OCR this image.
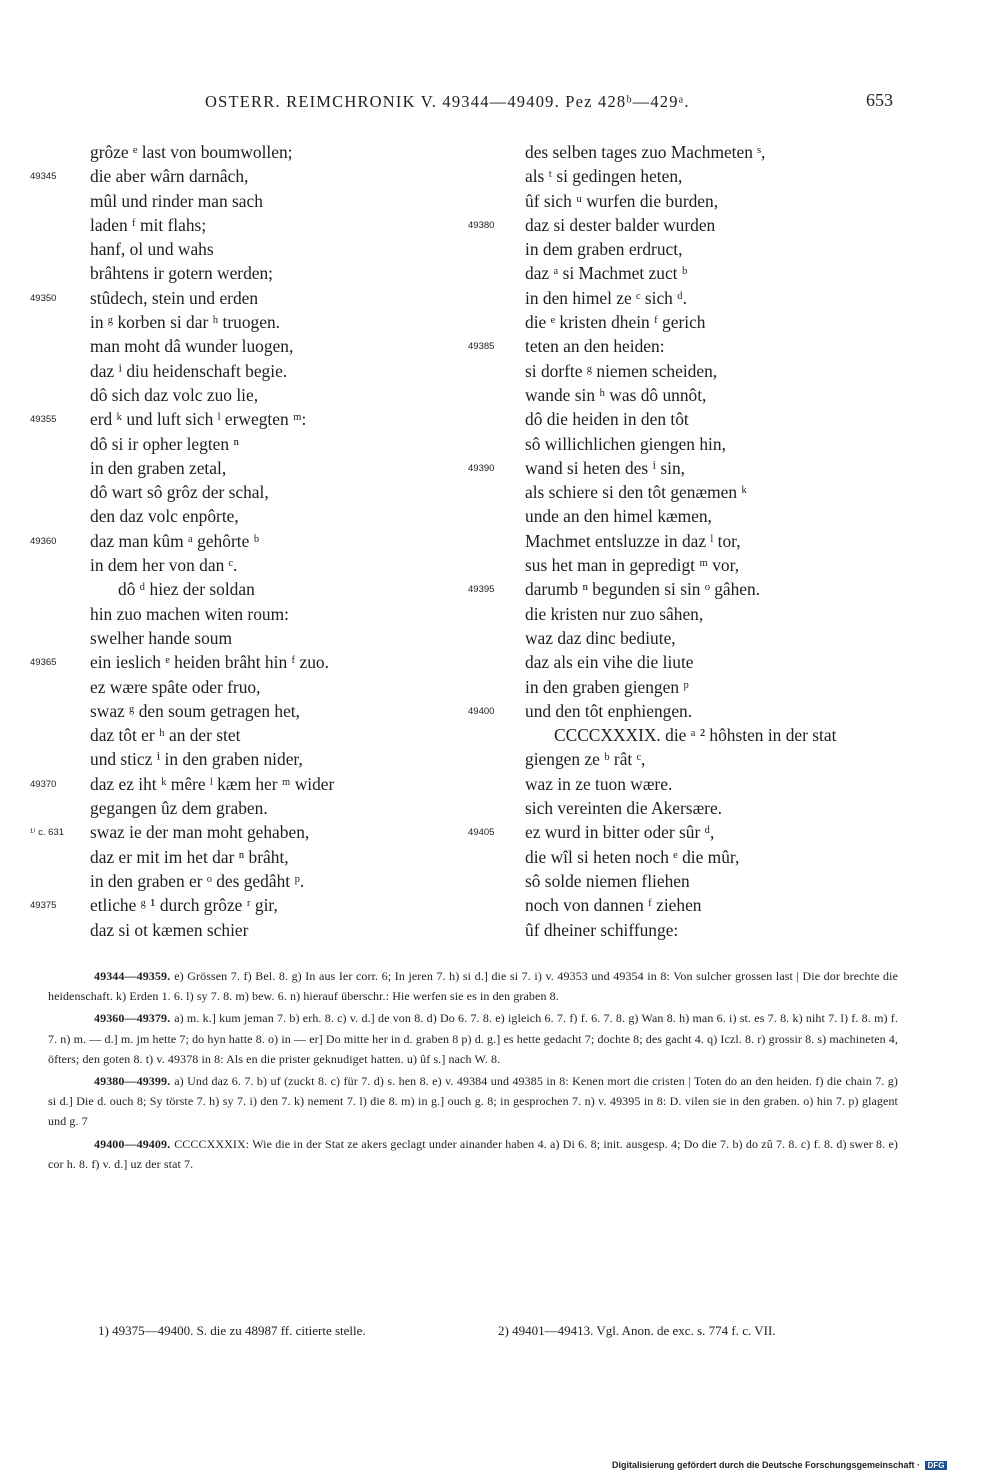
OSTERR. REIMCHRONIK V. 49344—49409. Pez 428ᵇ—429ᵃ.	653
grôze ᵉ last von boumwollen;
49345	die aber wârn darnâch,
mûl und rinder man sach
laden ᶠ mit flahs;
hanf, ol und wahs
brâhtens ir gotern werden;
49350	stûdech, stein und erden
in ᵍ korben si dar ʰ truogen.
man moht dâ wunder luogen,
daz ⁱ diu heidenschaft begie.
dô sich daz volc zuo lie,
49355	erd ᵏ und luft sich ˡ erwegten ᵐ:
dô si ir opher legten ⁿ
in den graben zetal,
dô wart sô grôz der schal,
den daz volc enpôrte,
49360	daz man kûm ᵃ gehôrte ᵇ
in dem her von dan ᶜ.
dô ᵈ hiez der soldan
hin zuo machen witen roum:
swelher hande soum
49365	ein ieslich ᵉ heiden brâht hin ᶠ zuo.
ez wære spâte oder fruo,
swaz ᵍ den soum getragen het,
daz tôt er ʰ an der stet
und sticz ⁱ in den graben nider,
49370	daz ez iht ᵏ mêre ˡ kæm her ᵐ wider
gegangen ûz dem graben.
¹⁾ c. 631	swaz ie der man moht gehaben,
daz er mit im het dar ⁿ brâht,
in den graben er ᵒ des gedâht ᵖ.
49375	etliche ᵍ ¹ durch grôze ʳ gir,
daz si ot kæmen schier
des selben tages zuo Machmeten ˢ,
als ᵗ si gedingen heten,
ûf sich ᵘ wurfen die burden,
49380	daz si dester balder wurden
in dem graben erdruct,
daz ᵃ si Machmet zuct ᵇ
in den himel ze ᶜ sich ᵈ.
die ᵉ kristen dhein ᶠ gerich
49385	teten an den heiden:
si dorfte ᵍ niemen scheiden,
wande sin ʰ was dô unnôt,
dô die heiden in den tôt
sô willichlichen giengen hin,
49390	wand si heten des ⁱ sin,
als schiere si den tôt genæmen ᵏ
unde an den himel kæmen,
Machmet entsluzze in daz ˡ tor,
sus het man in gepredigt ᵐ vor,
49395	darumb ⁿ begunden si sin ᵒ gâhen.
die kristen nur zuo sâhen,
waz daz dinc bediute,
daz als ein vihe die liute
in den graben giengen ᵖ
49400	und den tôt enphiengen.
CCCCXXXIX. die ᵃ ² hôhsten in der stat
giengen ze ᵇ rât ᶜ,
waz in ze tuon wære.
sich vereinten die Akersære.
49405	ez wurd in bitter oder sûr ᵈ,
die wîl si heten noch ᵉ die mûr,
sô solde niemen fliehen
noch von dannen ᶠ ziehen
ûf dheiner schiffunge:

49344—49359. e) Grössen 7. f) Bel. 8. g) In aus Ier corr. 6; In jeren 7. h) si d.] die si 7. i) v. 49353 und 49354 in 8: Von sulcher grossen last | Die dor brechte die heidenschaft. k) Erden 1. 6. l) sy 7. 8. m) bew. 6. n) hierauf überschr.: Hie werfen sie es in den graben 8.

49360—49379. a) m. k.] kum jeman 7. b) erh. 8. c) v. d.] de von 8. d) Do 6. 7. 8. e) igleich 6. 7. f) f. 6. 7. 8. g) Wan 8. h) man 6. i) st. es 7. 8. k) niht 7. l) f. 8. m) f. 7. n) m. — d.] m. jm hette 7; do hyn hatte 8. o) in — er] Do mitte her in d. graben 8 p) d. g.] es hette gedacht 7; dochte 8; des gacht 4. q) Iczl. 8. r) grossir 8. s) machineten 4, öfters; den goten 8. t) v. 49378 in 8: Als en die prister geknudiget hatten. u) ûf s.] nach W. 8.

49380—49399. a) Und daz 6. 7. b) uf (zuckt 8. c) für 7. d) s. hen 8. e) v. 49384 und 49385 in 8: Kenen mort die cristen | Toten do an den heiden. f) die chain 7. g) si d.] Die d. ouch 8; Sy törste 7. h) sy 7. i) den 7. k) nement 7. l) die 8. m) in g.] ouch g. 8; in gesprochen 7. n) v. 49395 in 8: D. vilen sie in den graben. o) hin 7. p) glagent und g. 7

49400—49409. CCCCXXXIX: Wie die in der Stat ze akers geclagt under ainander haben 4. a) Di 6. 8; init. ausgesp. 4; Do die 7. b) do zû 7. 8. c) f. 8. d) swer 8. e) cor h. 8. f) v. d.] uz der stat 7.

1) 49375—49400. S. die zu 48987 ff. citierte stelle.	2) 49401—49413. Vgl. Anon. de exc. s. 774 f. c. VII.
Digitalisierung gefördert durch die Deutsche Forschungsgemeinschaft · DFG
